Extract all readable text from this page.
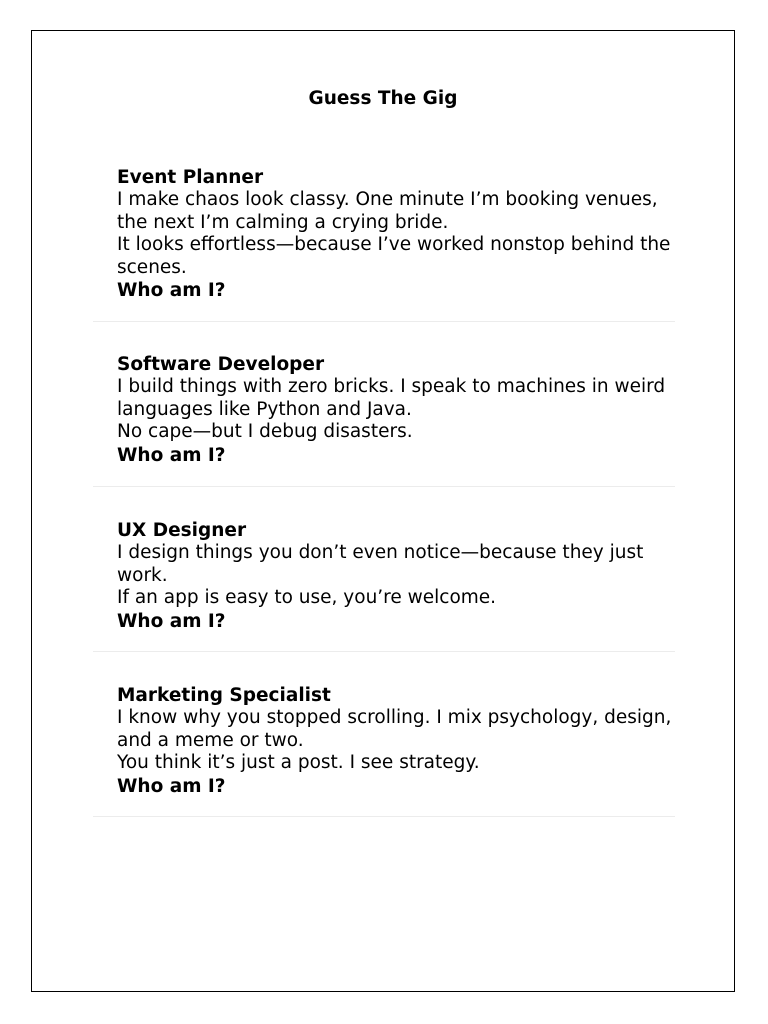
Guess The Gig

Event Planner

I make chaos look classy. One minute I’m booking venues, the next I’m calming a crying bride.

It looks effortless—because I’ve worked nonstop behind the scenes.

Who am I?

Software Developer

I build things with zero bricks. I speak to machines in weird languages like Python and Java.

No cape—but I debug disasters.

Who am I?

UX Designer

I design things you don’t even notice—because they just work.

If an app is easy to use, you’re welcome.

Who am I?

Marketing Specialist

I know why you stopped scrolling. I mix psychology, design, and a meme or two.

You think it’s just a post. I see strategy.

Who am I?
